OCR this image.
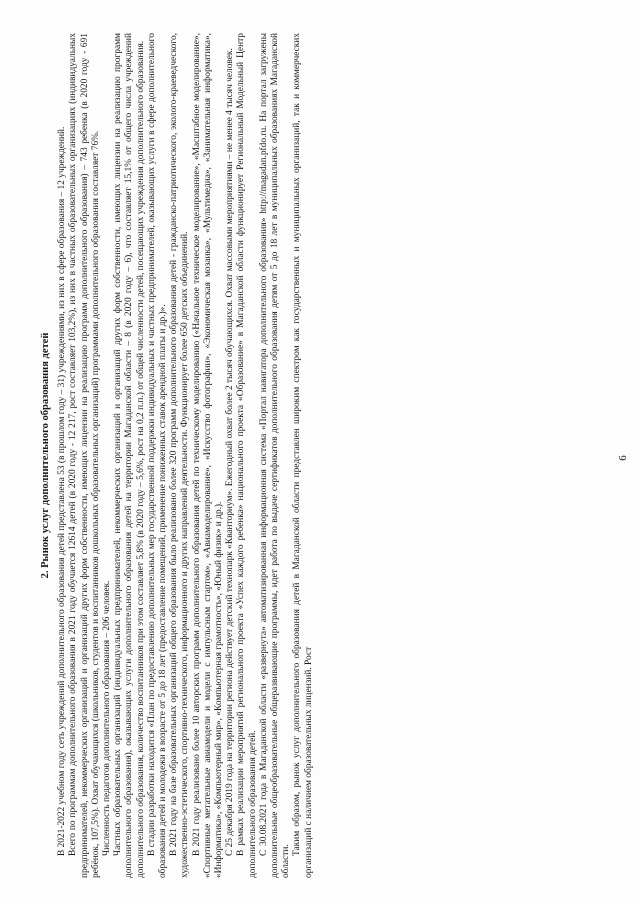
6

2. Рынок услуг дополнительного образования детей В 2021-2022 учебном году сеть учреждений дополнительного образования детей представлена 53 (в прошлом году – 31) учреждениями, из них в сфере образования – 12 учреждений. Всего по программам дополнительного образования в 2021 году обучается 12614 детей (в 2020 году - 12 217, рост составляет 103,2%), из них в частных образовательных организациях (индивидуальных предпринимателей, некоммерческих организаций и организаций других форм собственности, имеющих лицензии на реализацию программ дополнительного образования) – 743 ребенка (в 2020 году - 691 ребёнок, 107,5%). Охват обучающихся (школьников, студентов и воспитанников дошкольных образовательных организаций) программами дополнительного образования составляет 76%. Численность педагогов дополнительного образования – 206 человек. Частных образовательных организаций (индивидуальных предпринимателей, некоммерческих организаций и организаций других форм собственности, имеющих лицензии на реализацию программ дополнительного образования), оказывающих услуги дополнительного образования детей на территории Магаданской области – 8 (в 2020 году – 6), что составляет 15,1% от общего числа учреждений дополнительного образования, количество воспитанников при этом составляет 5,8% (в 2020 году – 5,6%, рост на 0,2 п.п.) от общей численности детей, посещающих учреждения дополнительного образования. В стадии разработки находится «План по предоставлению дополнительных мер государственной поддержки индивидуальных и частных предпринимателей, оказывающих услуги в сфере дополнительного образования детей и молодежи в возрасте от 5 до 18 лет (предоставление помещений, применение пониженных ставок арендной платы и др.)». В 2021 году на базе образовательных организаций общего образования было реализовано более 320 программ дополнительного образования детей - гражданско-патриотического, эколого-краеведческого, художественно-эстетического, спортивно-технического, информационного и других направлений деятельности. Функционирует более 650 детских объединений. В 2021 году реализовано более 10 авторских программ дополнительного образования детей по техническому моделированию («Начальное техническое моделирование», «Масштабное моделирование», «Спортивные метательные авиамодели и модели с импульсным стартом», «Авиамоделирование», «Искусство фотографии», «Экономическая мозаика», «Мультимедиа», «Занимательная информатика», «Информатика», «Компьютерный мир», «Компьютерная грамотность», «Юный физик» и др.). С 25 декабря 2019 года на территории региона действует детский технопарк «Кванториум». Ежегодный охват более 2 тысяч обучающихся. Охват массовыми мероприятиями – не менее 4 тысяч человек. В рамках реализации мероприятий регионального проекта «Успех каждого ребенка» национального проекта «Образование» в Магаданской области функционирует Региональный Модельный Центр дополнительного образования детей. С 30.08.2021 года в Магаданской области «развернута» автоматизированная информационная система «Портал навигатора дополнительного образования» http://magadan.pfdo.ru. На портал загружены дополнительные общеобразовательные общеразвивающие программы, идет работа по выдаче сертификатов дополнительного образования детям от 5 до 18 лет в муниципальных образованиях Магаданской области.

Таким образом, рынок услуг дополнительного образования детей в Магаданской области представлен широким спектром как государственных и муниципальных организаций, так и коммерческих организаций с наличием образовательных лицензий. Рост
